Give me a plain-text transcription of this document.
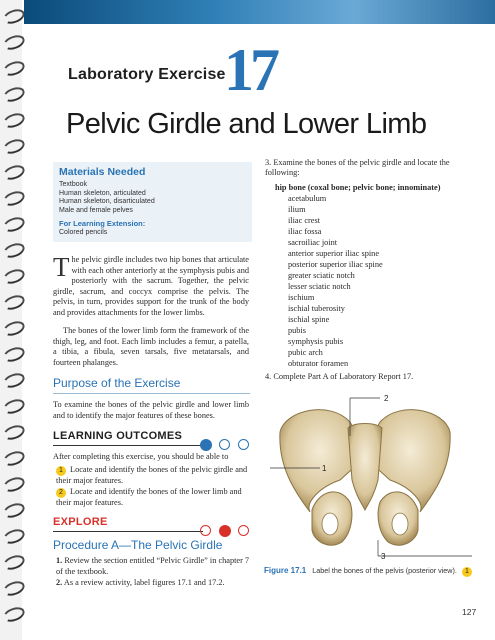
Laboratory Exercise
17
Pelvic Girdle and Lower Limb
Materials Needed
Textbook
Human skeleton, articulated
Human skeleton, disarticulated
Male and female pelves
For Learning Extension:
Colored pencils
The pelvic girdle includes two hip bones that articulate with each other anteriorly at the symphysis pubis and posteriorly with the sacrum. Together, the pelvic girdle, sacrum, and coccyx comprise the pelvis. The pelvis, in turn, provides support for the trunk of the body and provides attachments for the lower limbs.
The bones of the lower limb form the framework of the thigh, leg, and foot. Each limb includes a femur, a patella, a tibia, a fibula, seven tarsals, five metatarsals, and fourteen phalanges.
Purpose of the Exercise
To examine the bones of the pelvic girdle and lower limb and to identify the major features of these bones.
LEARNING OUTCOMES
After completing this exercise, you should be able to
1 Locate and identify the bones of the pelvic girdle and their major features.
2 Locate and identify the bones of the lower limb and their major features.
EXPLORE
Procedure A—The Pelvic Girdle
1. Review the section entitled “Pelvic Girdle” in chapter 7 of the textbook.
2. As a review activity, label figures 17.1 and 17.2.
3. Examine the bones of the pelvic girdle and locate the following:
hip bone (coxal bone; pelvic bone; innominate)
acetabulum
ilium
iliac crest
iliac fossa
sacroiliac joint
anterior superior iliac spine
posterior superior iliac spine
greater sciatic notch
lesser sciatic notch
ischium
ischial tuberosity
ischial spine
pubis
symphysis pubis
pubic arch
obturator foramen
4. Complete Part A of Laboratory Report 17.
1
2
3
Figure 17.1 Label the bones of the pelvis (posterior view). 1
127
